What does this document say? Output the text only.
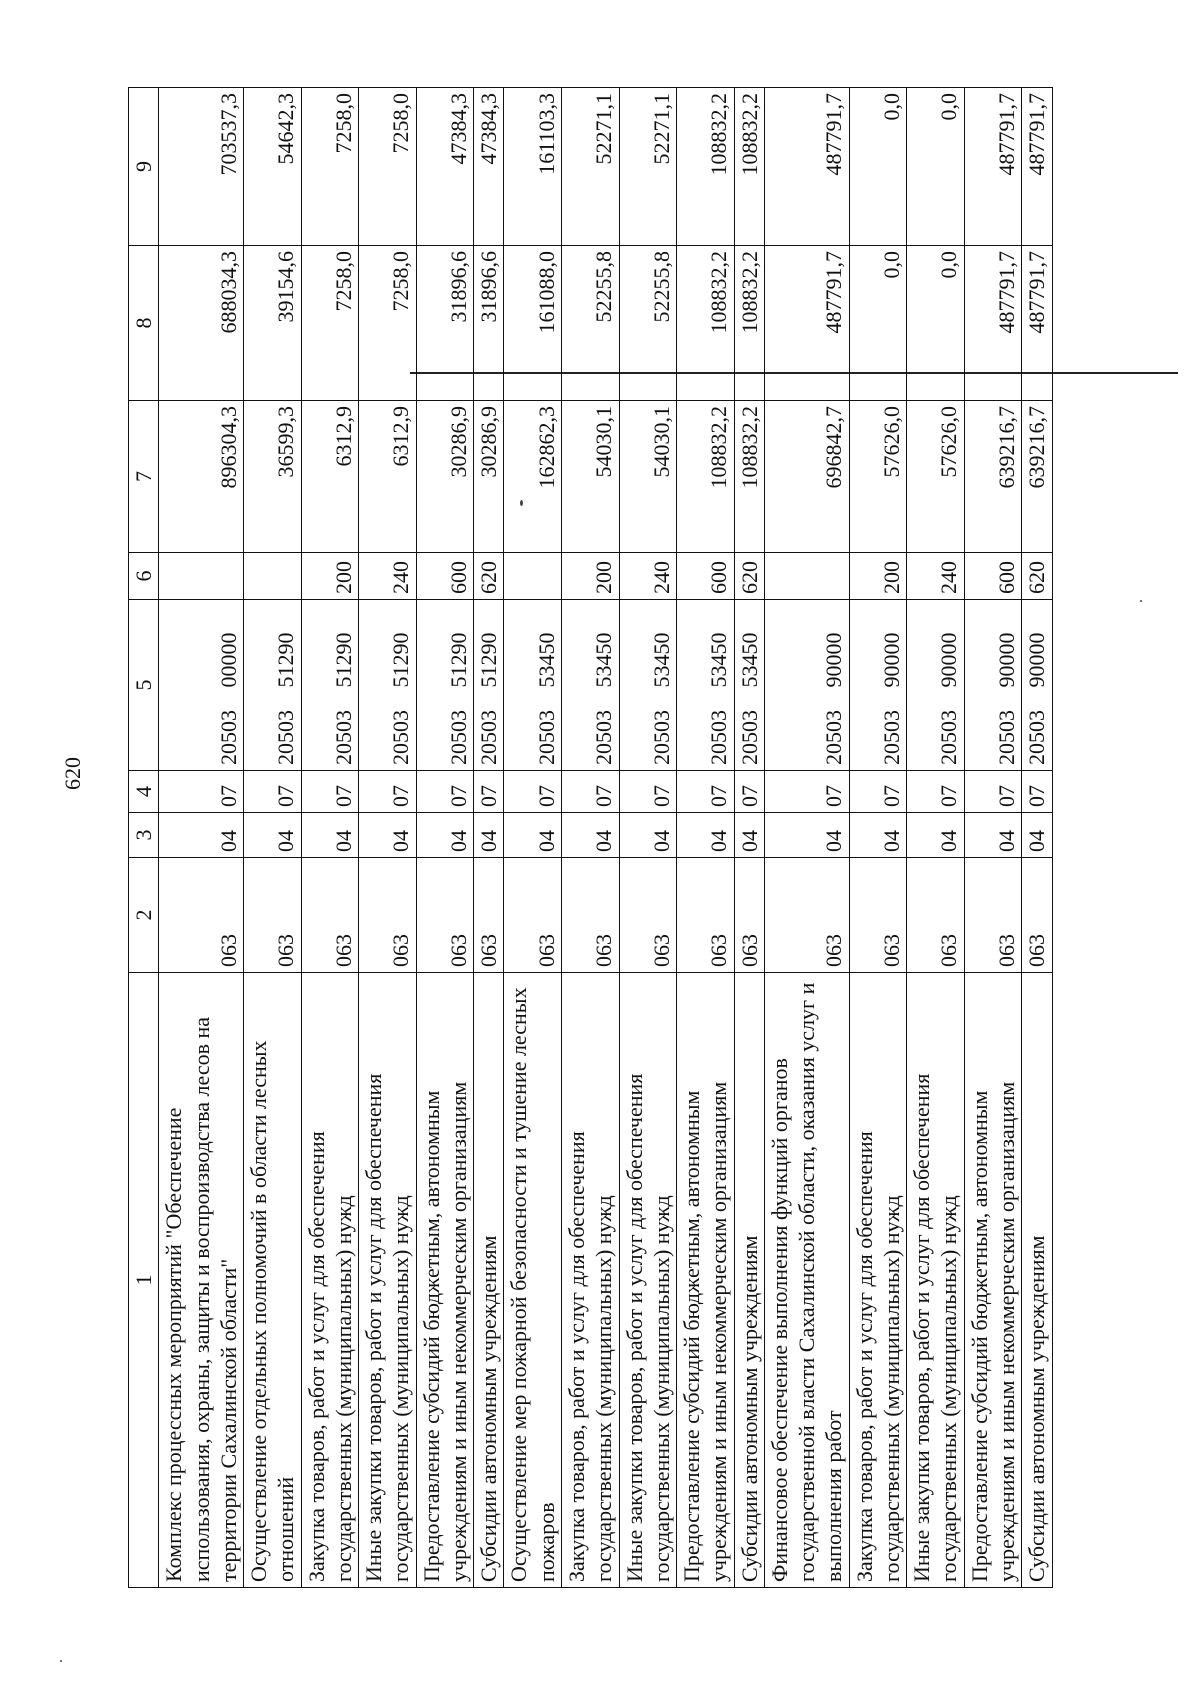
620
1	2	3	4	5		6	7	8	9
Комплекс процессных мероприятий "Обеспечение использования, охраны, защиты и воспроизводства лесов на территории Сахалинской области"	063	04	07	20503	00000		896304,3	688034,3	703537,3
Осуществление отдельных полномочий в области лесных отношений	063	04	07	20503	51290		36599,3	39154,6	54642,3
Закупка товаров, работ и услуг для обеспечения государственных (муниципальных) нужд	063	04	07	20503	51290	200	6312,9	7258,0	7258,0
Иные закупки товаров, работ и услуг для обеспечения государственных (муниципальных) нужд	063	04	07	20503	51290	240	6312,9	7258,0	7258,0
Предоставление субсидий бюджетным, автономным учреждениям и иным некоммерческим организациям	063	04	07	20503	51290	600	30286,9	31896,6	47384,3
Субсидии автономным учреждениям	063	04	07	20503	51290	620	30286,9	31896,6	47384,3
Осуществление мер пожарной безопасности и тушение лесных пожаров	063	04	07	20503	53450		162862,3	161088,0	161103,3
Закупка товаров, работ и услуг для обеспечения государственных (муниципальных) нужд	063	04	07	20503	53450	200	54030,1	52255,8	52271,1
Иные закупки товаров, работ и услуг для обеспечения государственных (муниципальных) нужд	063	04	07	20503	53450	240	54030,1	52255,8	52271,1
Предоставление субсидий бюджетным, автономным учреждениям и иным некоммерческим организациям	063	04	07	20503	53450	600	108832,2	108832,2	108832,2
Субсидии автономным учреждениям	063	04	07	20503	53450	620	108832,2	108832,2	108832,2
Финансовое обеспечение выполнения функций органов государственной власти Сахалинской области, оказания услуг и выполнения работ	063	04	07	20503	90000		696842,7	487791,7	487791,7
Закупка товаров, работ и услуг для обеспечения государственных (муниципальных) нужд	063	04	07	20503	90000	200	57626,0	0,0	0,0
Иные закупки товаров, работ и услуг для обеспечения государственных (муниципальных) нужд	063	04	07	20503	90000	240	57626,0	0,0	0,0
Предоставление субсидий бюджетным, автономным учреждениям и иным некоммерческим организациям	063	04	07	20503	90000	600	639216,7	487791,7	487791,7
Субсидии автономным учреждениям	063	04	07	20503	90000	620	639216,7	487791,7	487791,7
